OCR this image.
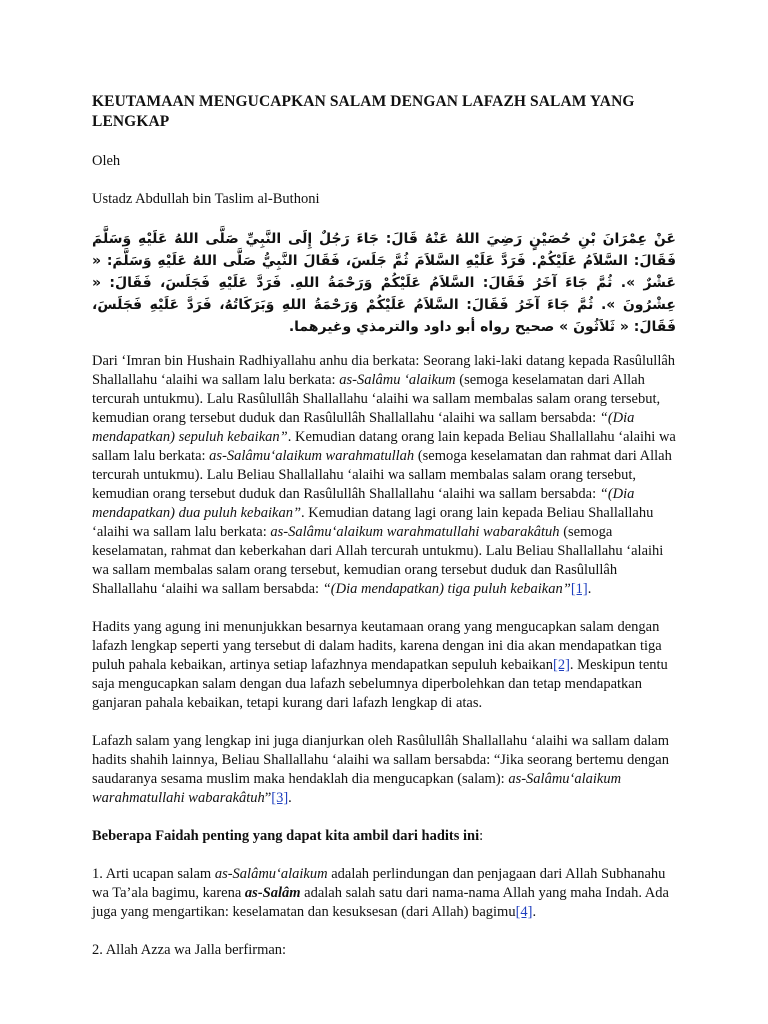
KEUTAMAAN MENGUCAPKAN SALAM DENGAN LAFAZH SALAM YANG LENGKAP

Oleh

Ustadz Abdullah bin Taslim al-Buthoni

عَنْ عِمْرَانَ بْنِ حُصَيْنٍ رَضِيَ اللهُ عَنْهُ قَالَ: جَاءَ رَجُلٌ إِلَى النَّبِيِّ صَلَّى اللهُ عَلَيْهِ وَسَلَّمَ فَقَالَ: السَّلاَمُ عَلَيْكُمْ. فَرَدَّ عَلَيْهِ السَّلاَمَ ثُمَّ جَلَسَ، فَقَالَ النَّبِيُّ صَلَّى اللهُ عَلَيْهِ وَسَلَّمَ: « عَشْرٌ ». ثُمَّ جَاءَ آخَرُ فَقَالَ: السَّلاَمُ عَلَيْكُمْ وَرَحْمَةُ اللهِ. فَرَدَّ عَلَيْهِ فَجَلَسَ، فَقَالَ: « عِشْرُونَ ». ثُمَّ جَاءَ آخَرُ فَقَالَ: السَّلاَمُ عَلَيْكُمْ وَرَحْمَةُ اللهِ وَبَرَكَاتُهُ، فَرَدَّ عَلَيْهِ فَجَلَسَ، فَقَالَ: « ثَلاَثُونَ » صحيح رواه أبو داود والترمذي وغيرهما.

Dari ‘Imran bin Hushain Radhiyallahu anhu dia berkata: Seorang laki-laki datang kepada Rasûlullâh Shallallahu ‘alaihi wa sallam lalu berkata: as-Salâmu ‘alaikum (semoga keselamatan dari Allah tercurah untukmu). Lalu Rasûlullâh Shallallahu ‘alaihi wa sallam membalas salam orang tersebut, kemudian orang tersebut duduk dan Rasûlullâh Shallallahu ‘alaihi wa sallam bersabda: “(Dia mendapatkan) sepuluh kebaikan”. Kemudian datang orang lain kepada Beliau Shallallahu ‘alaihi wa sallam lalu berkata: as-Salâmu‘alaikum warahmatullah (semoga keselamatan dan rahmat dari Allah tercurah untukmu). Lalu Beliau Shallallahu ‘alaihi wa sallam membalas salam orang tersebut, kemudian orang tersebut duduk dan Rasûlullâh Shallallahu ‘alaihi wa sallam bersabda: “(Dia mendapatkan) dua puluh kebaikan”. Kemudian datang lagi orang lain kepada Beliau Shallallahu ‘alaihi wa sallam lalu berkata: as-Salâmu‘alaikum warahmatullahi wabarakâtuh (semoga keselamatan, rahmat dan keberkahan dari Allah tercurah untukmu). Lalu Beliau Shallallahu ‘alaihi wa sallam membalas salam orang tersebut, kemudian orang tersebut duduk dan Rasûlullâh Shallallahu ‘alaihi wa sallam bersabda: “(Dia mendapatkan) tiga puluh kebaikan”[1].

Hadits yang agung ini menunjukkan besarnya keutamaan orang yang mengucapkan salam dengan lafazh lengkap seperti yang tersebut di dalam hadits, karena dengan ini dia akan mendapatkan tiga puluh pahala kebaikan, artinya setiap lafazhnya mendapatkan sepuluh kebaikan[2]. Meskipun tentu saja mengucapkan salam dengan dua lafazh sebelumnya diperbolehkan dan tetap mendapatkan ganjaran pahala kebaikan, tetapi kurang dari lafazh lengkap di atas.

Lafazh salam yang lengkap ini juga dianjurkan oleh Rasûlullâh Shallallahu ‘alaihi wa sallam dalam hadits shahih lainnya, Beliau Shallallahu ‘alaihi wa sallam bersabda: “Jika seorang bertemu dengan saudaranya sesama muslim maka hendaklah dia mengucapkan (salam): as-Salâmu‘alaikum warahmatullahi wabarakâtuh”[3].

Beberapa Faidah penting yang dapat kita ambil dari hadits ini:

1. Arti ucapan salam as-Salâmu‘alaikum adalah perlindungan dan penjagaan dari Allah Subhanahu wa Ta’ala bagimu, karena as-Salâm adalah salah satu dari nama-nama Allah yang maha Indah. Ada juga yang mengartikan: keselamatan dan kesuksesan (dari Allah) bagimu[4].

2. Allah Azza wa Jalla berfirman:
